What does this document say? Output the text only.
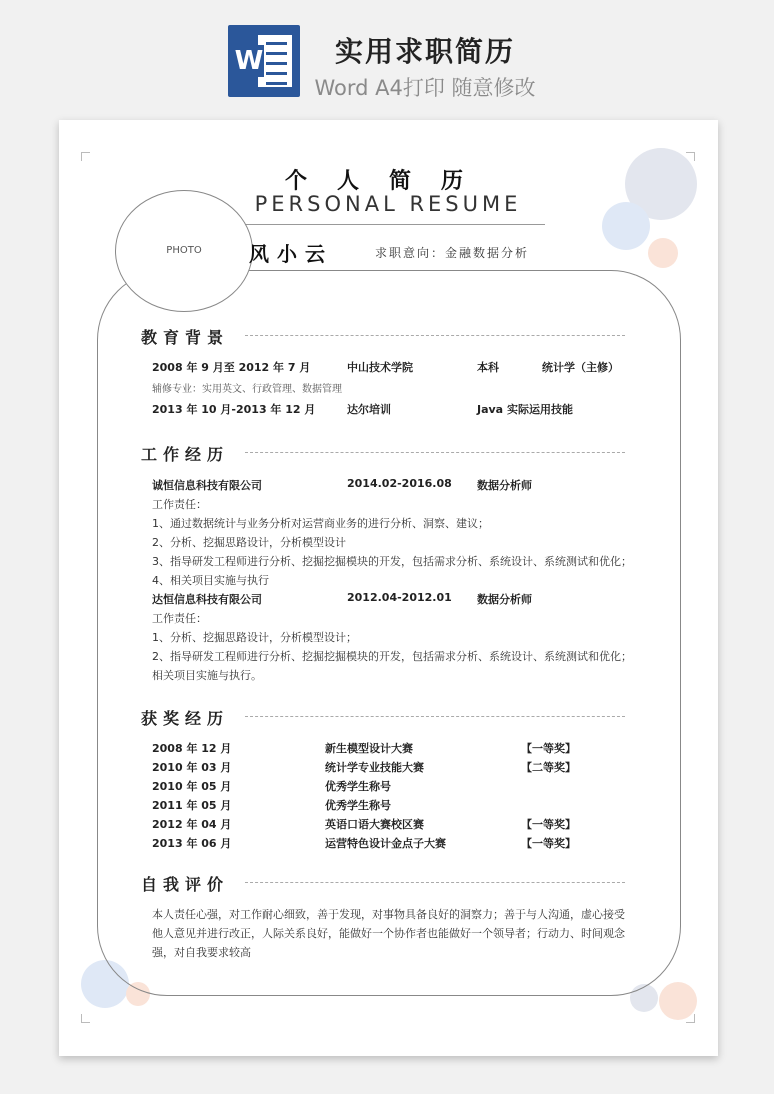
W	实用求职简历
Word A4打印 随意修改
个人简历
PERSONAL RESUME
PHOTO	风小云	求职意向：金融数据分析
教育背景
2008 年 9 月至 2012 年 7 月	中山技术学院	本科	统计学（主修）
辅修专业：实用英文、行政管理、数据管理
2013 年 10 月-2013 年 12 月	达尔培训	Java 实际运用技能
工作经历
诚恒信息科技有限公司	2014.02-2016.08 数据分析师
工作责任：
1、通过数据统计与业务分析对运营商业务的进行分析、洞察、建议；
2、分析、挖掘思路设计，分析模型设计
3、指导研发工程师进行分析、挖掘挖掘模块的开发，包括需求分析、系统设计、系统测试和优化；
4、相关项目实施与执行
达恒信息科技有限公司	2012.04-2012.01 数据分析师
工作责任：
1、分析、挖掘思路设计，分析模型设计；
2、指导研发工程师进行分析、挖掘挖掘模块的开发，包括需求分析、系统设计、系统测试和优化；
相关项目实施与执行。
获奖经历
2008 年 12 月	新生模型设计大赛	【一等奖】
2010 年 03 月	统计学专业技能大赛	【二等奖】
2010 年 05 月	优秀学生称号
2011 年 05 月	优秀学生称号
2012 年 04 月	英语口语大赛校区赛	【一等奖】
2013 年 06 月	运营特色设计金点子大赛	【一等奖】
自我评价
本人责任心强，对工作耐心细致，善于发现，对事物具备良好的洞察力；善于与人沟通，虚心接受
他人意见并进行改正，人际关系良好，能做好一个协作者也能做好一个领导者；行动力、时间观念
强，对自我要求较高
